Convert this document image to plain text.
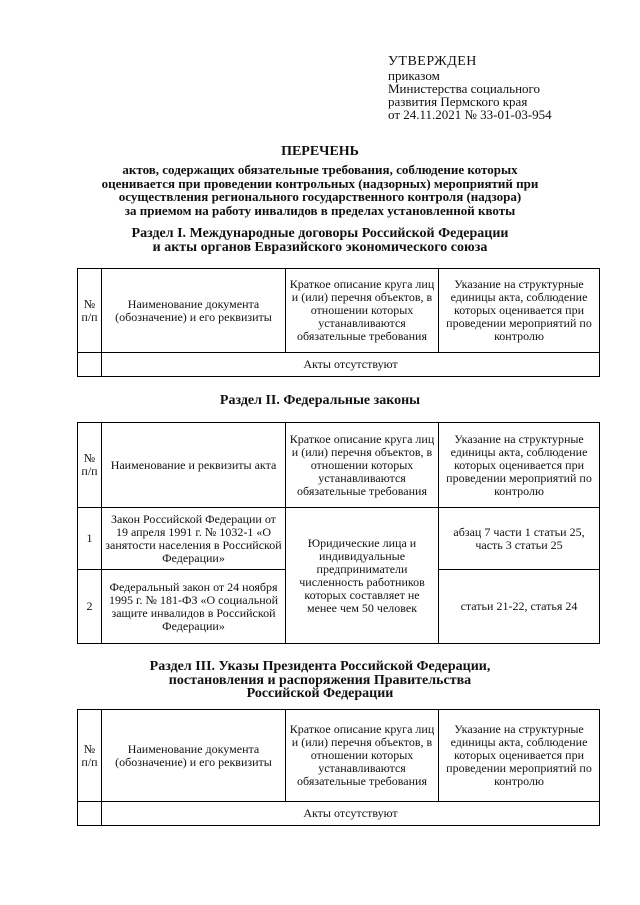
УТВЕРЖДЕН
приказом
Министерства социального
развития Пермского края
от 24.11.2021 № 33-01-03-954
ПЕРЕЧЕНЬ
актов, содержащих обязательные требования, соблюдение которых
оценивается при проведении контрольных (надзорных) мероприятий при
осуществления регионального государственного контроля (надзора)
за приемом на работу инвалидов в пределах установленной квоты
Раздел I. Международные договоры Российской Федерации
и акты органов Евразийского экономического союза
№ п/п	Наименование документа (обозначение) и его реквизиты	Краткое описание круга лиц и (или) перечня объектов, в отношении которых устанавливаются обязательные требования	Указание на структурные единицы акта, соблюдение которых оценивается при проведении мероприятий по контролю
	Акты отсутствуют		
Раздел II. Федеральные законы
№ п/п	Наименование и реквизиты акта	Краткое описание круга лиц и (или) перечня объектов, в отношении которых устанавливаются обязательные требования	Указание на структурные единицы акта, соблюдение которых оценивается при проведении мероприятий по контролю
1	Закон Российской Федерации от 19 апреля 1991 г. № 1032-1 «О занятости населения в Российской Федерации»	Юридические лица и индивидуальные предприниматели численность работников которых составляет не менее чем 50 человек	абзац 7 части 1 статьи 25, часть 3 статьи 25
2	Федеральный закон от 24 ноября 1995 г. № 181-ФЗ «О социальной защите инвалидов в Российской Федерации»		статьи 21-22, статья 24
Раздел III. Указы Президента Российской Федерации,
постановления и распоряжения Правительства
Российской Федерации
№ п/п	Наименование документа (обозначение) и его реквизиты	Краткое описание круга лиц и (или) перечня объектов, в отношении которых устанавливаются обязательные требования	Указание на структурные единицы акта, соблюдение которых оценивается при проведении мероприятий по контролю
	Акты отсутствуют		
